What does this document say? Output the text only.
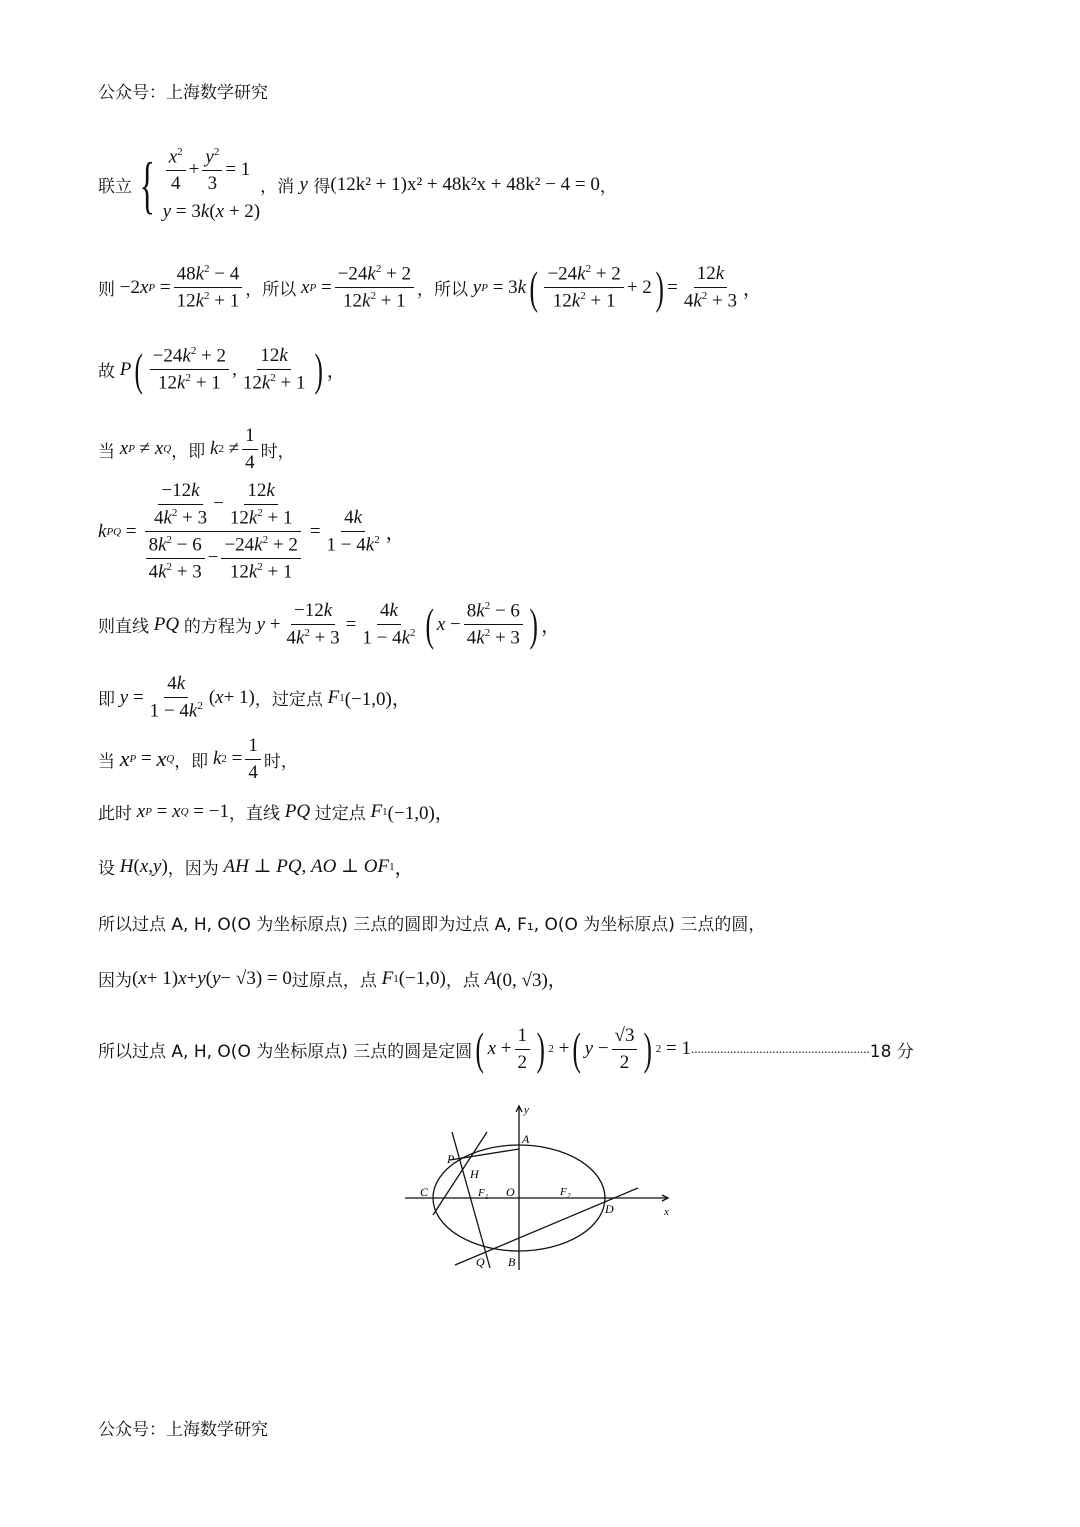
公众号：上海数学研究
联立 { $\frac{x^2}{4} + \frac{y^2}{3} = 1$
y = 3k(x + 2)
，消
y
得 (12k² + 1)x² + 48k²x + 48k² − 4 = 0 ，
则 −2 x $P = \frac{48k^2 - 4}{12k^2 + 1}$ ，所以
x $P = \frac{-24k^2 + 2}{12k^2 + 1}$ ，所以
y P = 3 k ( $\frac{-24k^2 + 2}{12k^2 + 1} + 2$ ) = $\frac{12k}{4k^2 + 3}$ ，
故
P ( $\frac{-24k^2 + 2}{12k^2 + 1}$ , $\frac{12k}{12k^2 + 1}$ ) ，
当
x P ≠ x Q ，即
k $2 \ne \frac{1}{4}$ 时，
k PQ = $\frac{\frac{-12k}{4k^2 + 3} - \frac{12k}{12k^2 + 1}}{\frac{8k^2 - 6}{4k^2 + 3} - \frac{-24k^2 + 2}{12k^2 + 1}} = \frac{4k}{1 - 4k^2}$ ，
则直线
PQ
的方程为
$y + \frac{-12k}{4k^2 + 3} = \frac{4k}{1 - 4k^2}$ ( $x - \frac{8k^2 - 6}{4k^2 + 3}$ ) ，
即
$y = \frac{4k}{1 - 4k^2}$ ( x + 1) ，过定点
F 1 (−1,0)，
当
x P = x Q ，即
k $2 = \frac{1}{4}$ 时，
此时
x P = x Q = −1 ，直线
PQ
过定点
F 1 (−1,0)，
设
H ( x , y ) ，因为
AH ⊥ PQ , AO ⊥ OF 1 ，
所以过点 A, H, O(O 为坐标原点) 三点的圆即为过点 A, F₁, O(O 为坐标原点) 三点的圆，
因为 ( x + 1) x + y ( y − √3) = 0 过原点，点
F 1 (−1,0) ，点
A (0, √3)，
所以过点 A, H, O(O 为坐标原点) 三点的圆是定圆 ( $x + \frac{1}{2}$ ) 2 + ( $y - \frac{√3}{2}$ ) 2 = 1 ....................................................... 18 分
y
x
A
B
C
D
P
Q
H
O
F 1	F 2
公众号：上海数学研究
